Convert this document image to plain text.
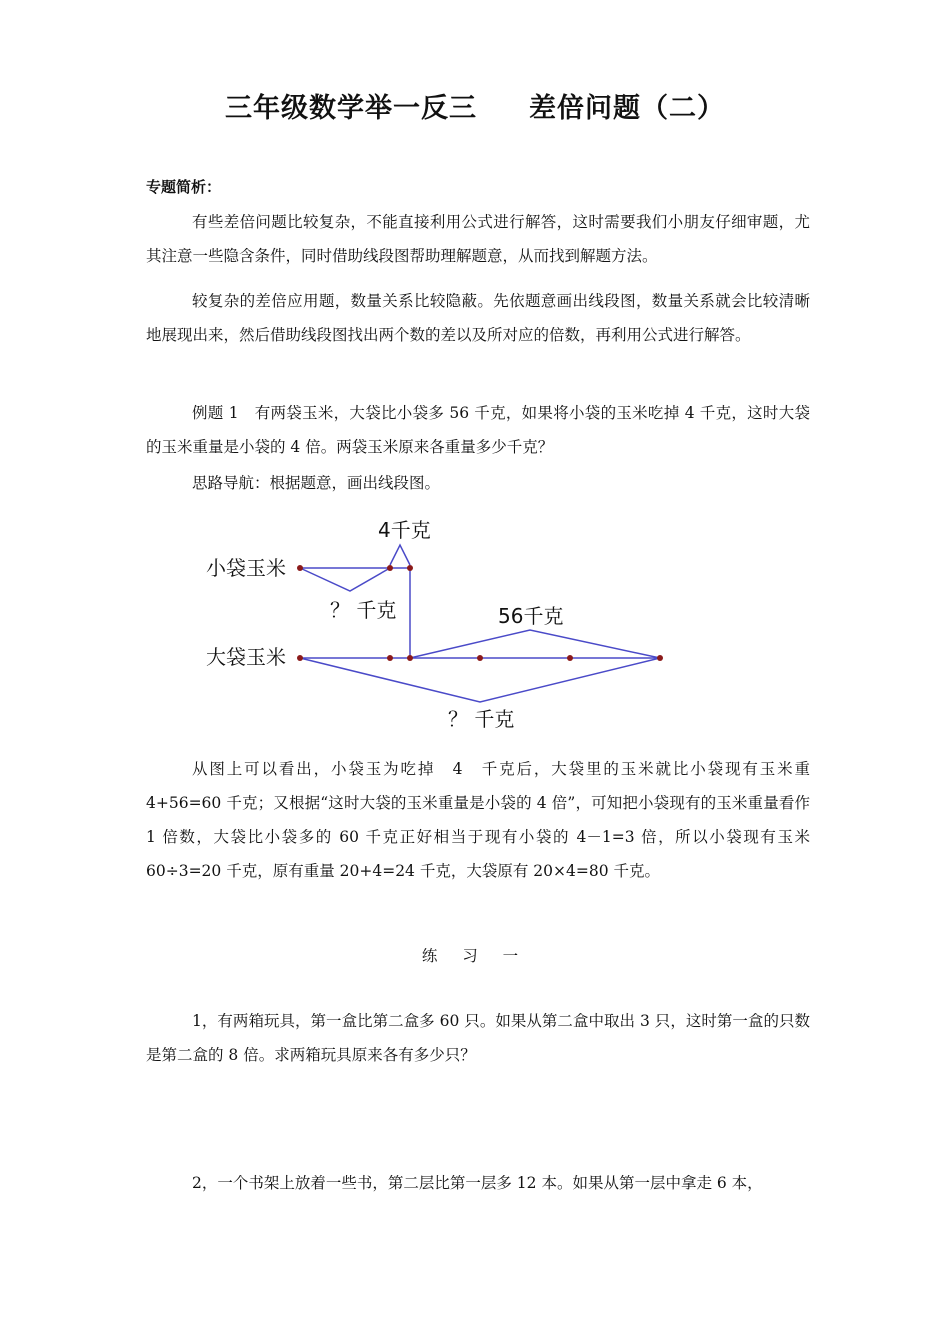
三年级数学举一反三 差倍问题（二）

专题简析：

有些差倍问题比较复杂，不能直接利用公式进行解答，这时需要我们小朋友仔细审题，尤其注意一些隐含条件，同时借助线段图帮助理解题意，从而找到解题方法。

较复杂的差倍应用题，数量关系比较隐蔽。先依题意画出线段图，数量关系就会比较清晰地展现出来，然后借助线段图找出两个数的差以及所对应的倍数，再利用公式进行解答。

例题 1　有两袋玉米，大袋比小袋多 56 千克，如果将小袋的玉米吃掉 4 千克，这时大袋的玉米重量是小袋的 4 倍。两袋玉米原来各重量多少千克？

思路导航：根据题意，画出线段图。

4千克
小袋玉米
？ 千克	56千克
大袋玉米
？ 千克

从图上可以看出，小袋玉为吃掉　4　千克后，大袋里的玉米就比小袋现有玉米重 4+56=60 千克；又根据“这时大袋的玉米重量是小袋的 4 倍”，可知把小袋现有的玉米重量看作 1 倍数，大袋比小袋多的 60 千克正好相当于现有小袋的 4－1=3 倍，所以小袋现有玉米 60÷3=20 千克，原有重量 20+4=24 千克，大袋原有 20×4=80 千克。

练 习 一

1，有两箱玩具，第一盒比第二盒多 60 只。如果从第二盒中取出 3 只，这时第一盒的只数是第二盒的 8 倍。求两箱玩具原来各有多少只？

2，一个书架上放着一些书，第二层比第一层多 12 本。如果从第一层中拿走 6 本，
